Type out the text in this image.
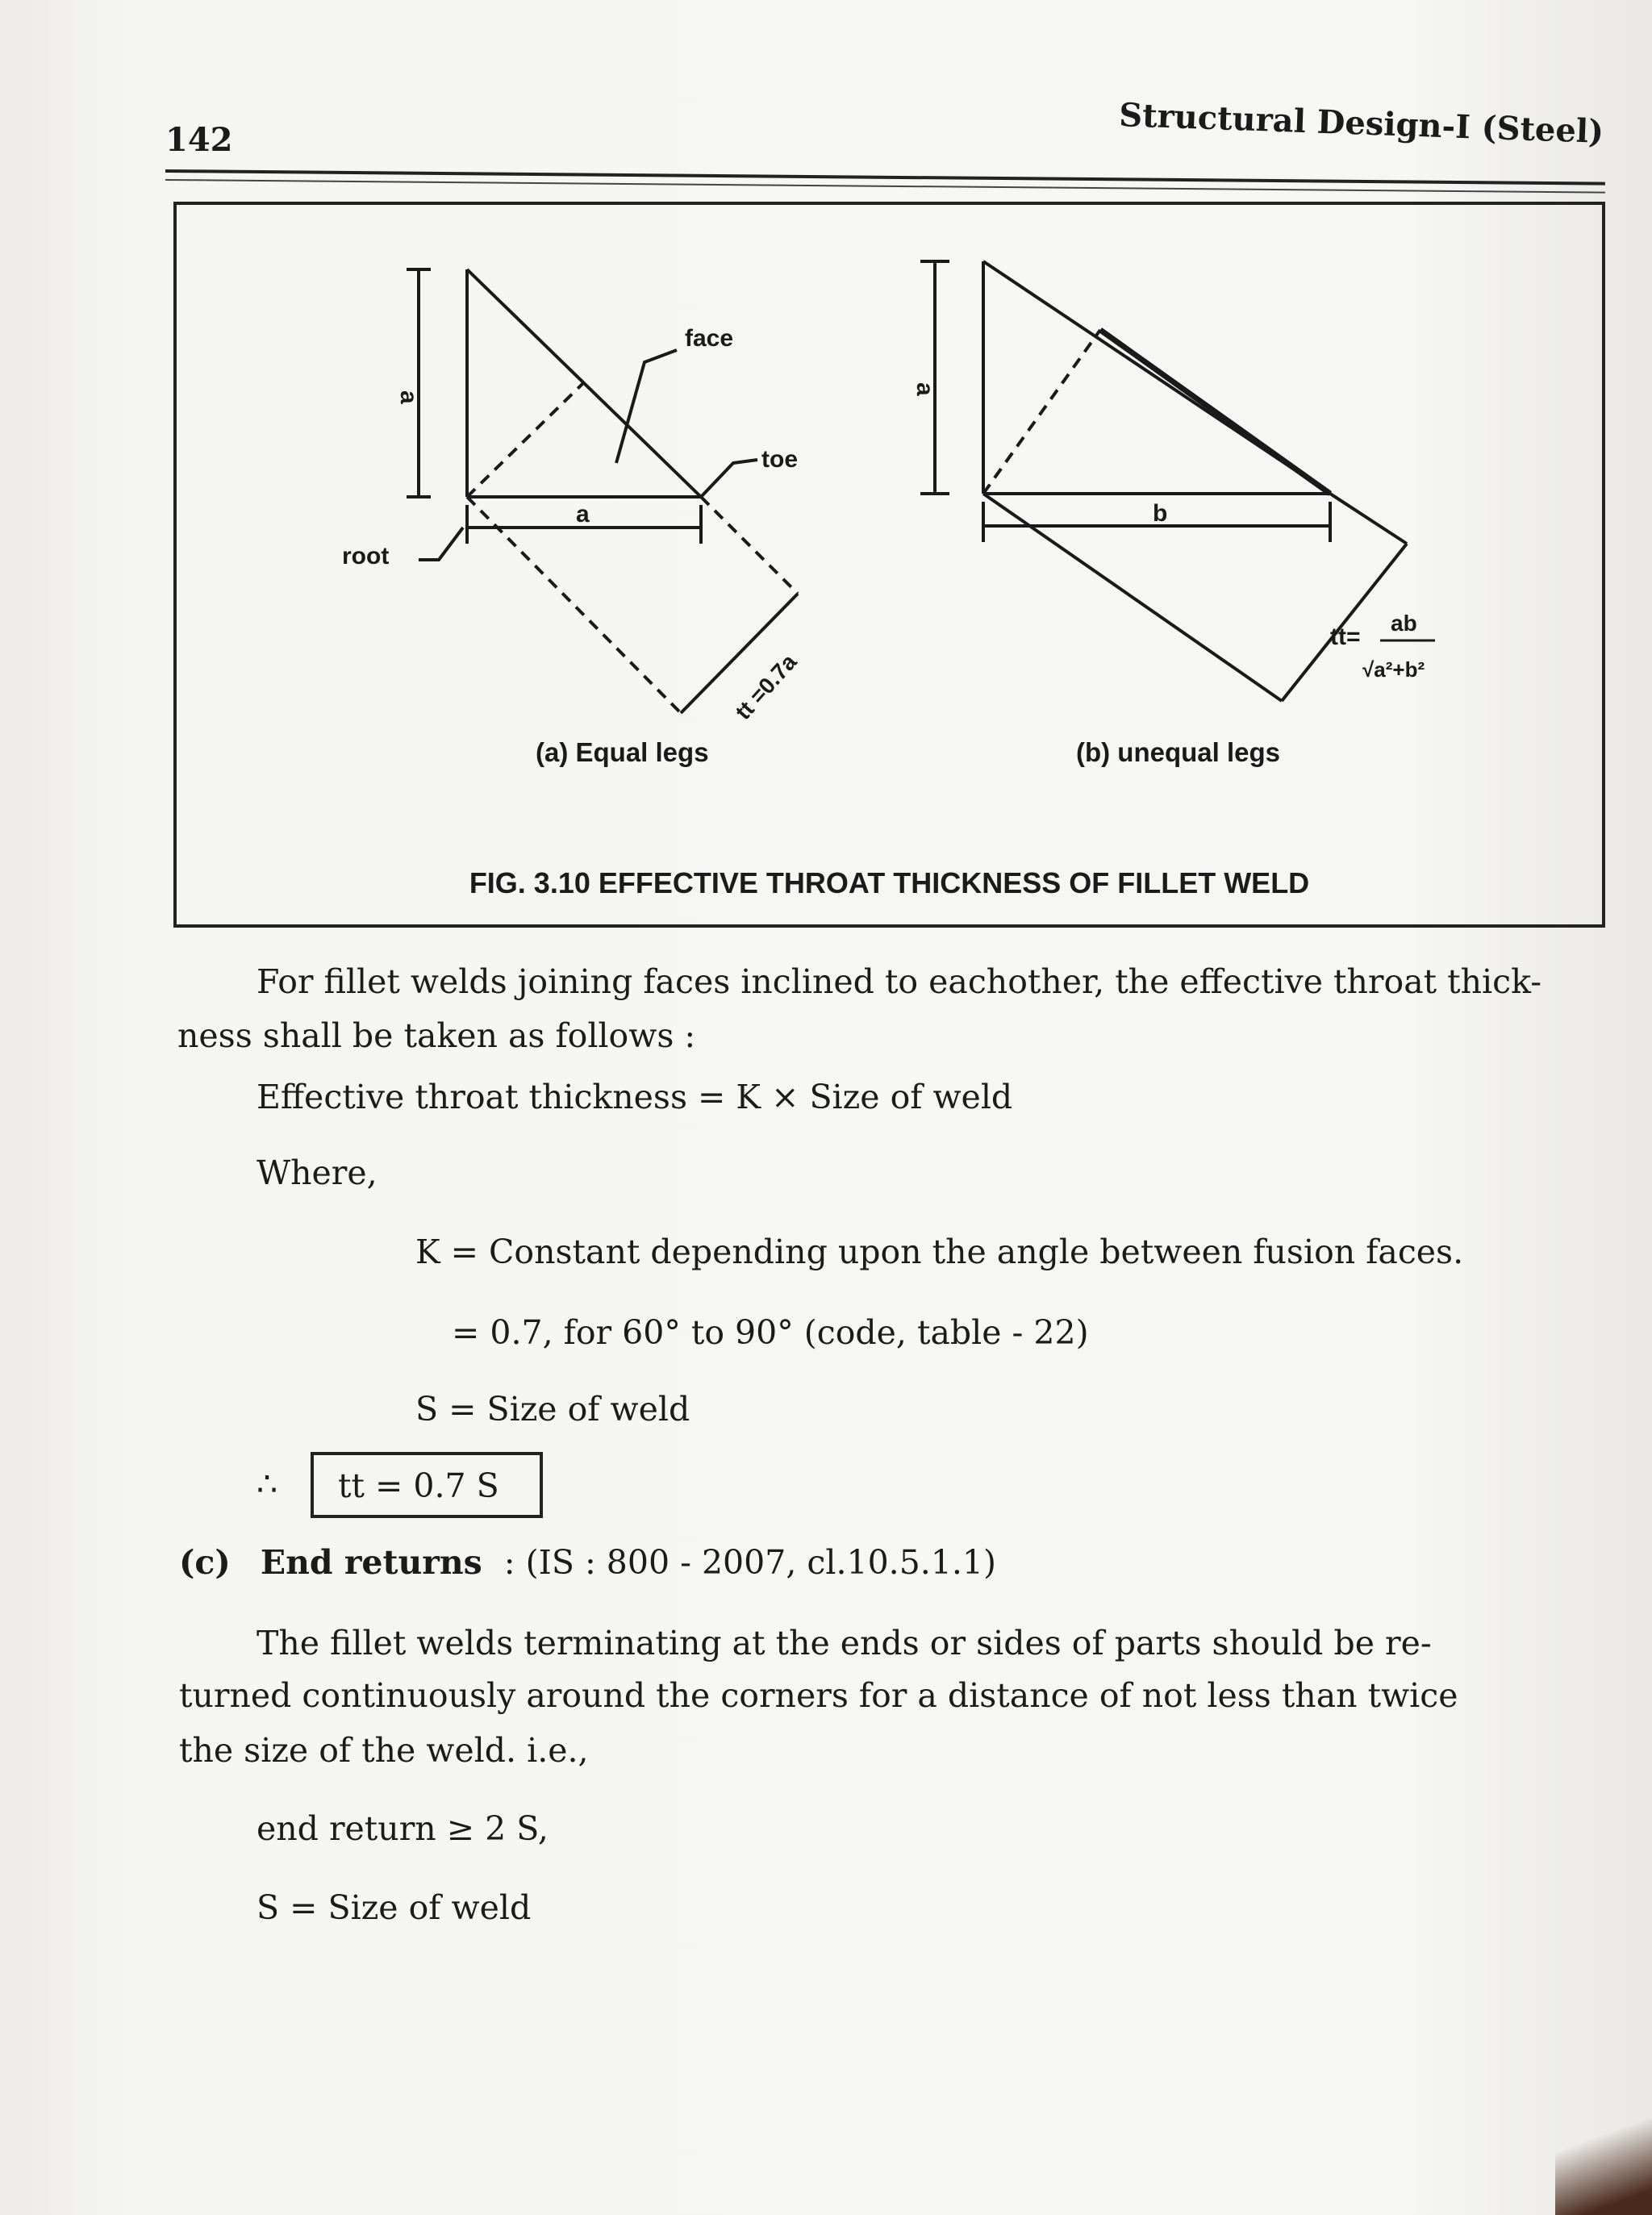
142	Structural Design-I (Steel)
a
face
toe
root
a
tt =0.7a
a
b
tt=
ab
√a²+b²
(a) Equal legs	(b) unequal legs
FIG. 3.10 EFFECTIVE THROAT THICKNESS OF FILLET WELD
For fillet welds joining faces inclined to eachother, the effective throat thick-
ness shall be taken as follows :
Effective throat thickness = K × Size of weld
Where,
K = Constant depending upon the angle between fusion faces.
= 0.7, for 60° to 90° (code, table - 22)
S = Size of weld
∴ tt = 0.7 S
(c) End returns : (IS : 800 - 2007, cl.10.5.1.1)
The fillet welds terminating at the ends or sides of parts should be re-
turned continuously around the corners for a distance of not less than twice
the size of the weld. i.e.,
end return ≥ 2 S,
S = Size of weld
